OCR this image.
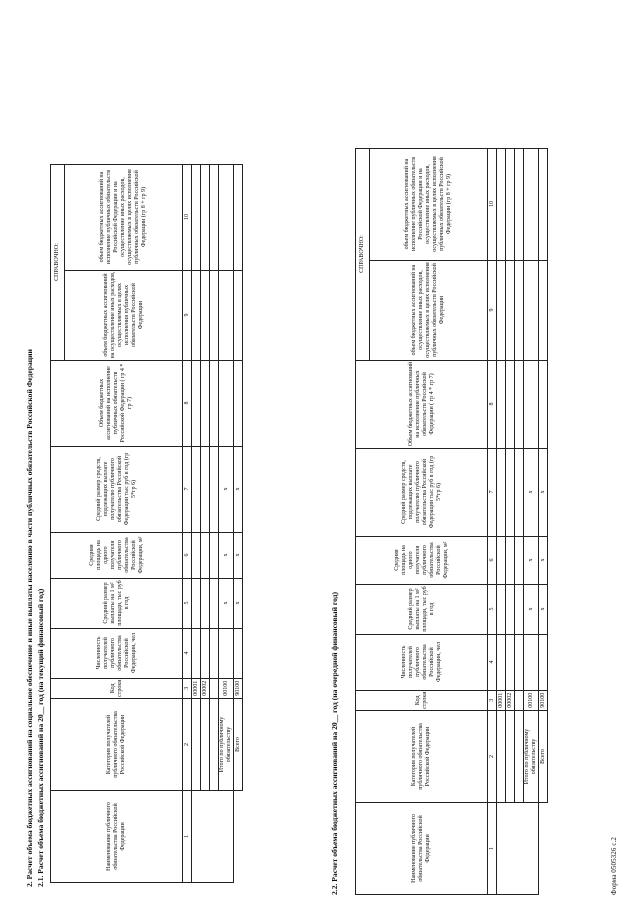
Форма 0505326 с.2
2. Расчет объема бюджетных ассигнований на социальное обеспечение и иные выплаты населению в части публичных обязательств Российской Федерации 2.1. Расчет объема бюджетных ассигнований на 20__ год (на текущий финансовый год)	Наименование публичного обязательства Российской Федерации	Категория получателей публичного обязательства Российской Федерации	Код строки	Численность получателей публичного обязательства Российской Федерации, чел	Средний размер выплаты на 1 м² площади, тыс руб в год	Средняя площадь на одного получателя публичного обязательства Российской Федерации, м²	Средний размер средств, подлежащих выплате получателю публичного обязательства Российской Федерации тыс руб в год (гр 5*гр 6)	Объем бюджетных ассигнований на исполнение публичных обязательств Российской Федерации ( гр 4 * гр 7)	СПРАВОЧНО:	
								объем бюджетных ассигнований на осуществление иных расходов, осуществляемых в целях исполнения публичных обязательств Российской Федерации	объем бюджетных ассигнований на исполнение публичных обязательств Российской Федерации и на осуществление иных расходов, осуществляемых в целях исполнения публичных обязательств Российской Федерации (гр 8 + гр 9)
1	2	3	4	5	6	7	8	9	10
		00001							
		00002							

	Итого по публичному обязательству	00100		x	x	x			
	Всего	90100		x	x	x			
2.2. Расчет объема бюджетных ассигнований на 20__ год (на очередной финансовый год)	Наименование публичного обязательства Российской Федерации	Категория получателей публичного обязательства Российской Федерации	Код строки	Численность получателей публичного обязательства Российской Федерации, чел	Средний размер выплаты на 1 м² площади, тыс руб в год	Средняя площадь на одного получателя публичного обязательства Российской Федерации, м²	Средний размер средств, подлежащих выплате получателю публичного обязательства Российской Федерации тыс руб в год (гр 5*гр 6)	Объем бюджетных ассигнований на исполнение публичных обязательств Российской Федерации ( гр 4 * гр 7)	СПРАВОЧНО:	
								объем бюджетных ассигнований на осуществление иных расходов, осуществляемых в целях исполнения публичных обязательств Российской Федерации	объем бюджетных ассигнований на исполнение публичных обязательств Российской Федерации и на осуществление иных расходов, осуществляемых в целях исполнения публичных обязательств Российской Федерации (гр 8 + гр 9)
1	2	3	4	5	6	7	8	9	10
		00001							
		00002							

	Итого по публичному обязательству	00100		x	x	x			
	Всего	90100		x	x	x			
